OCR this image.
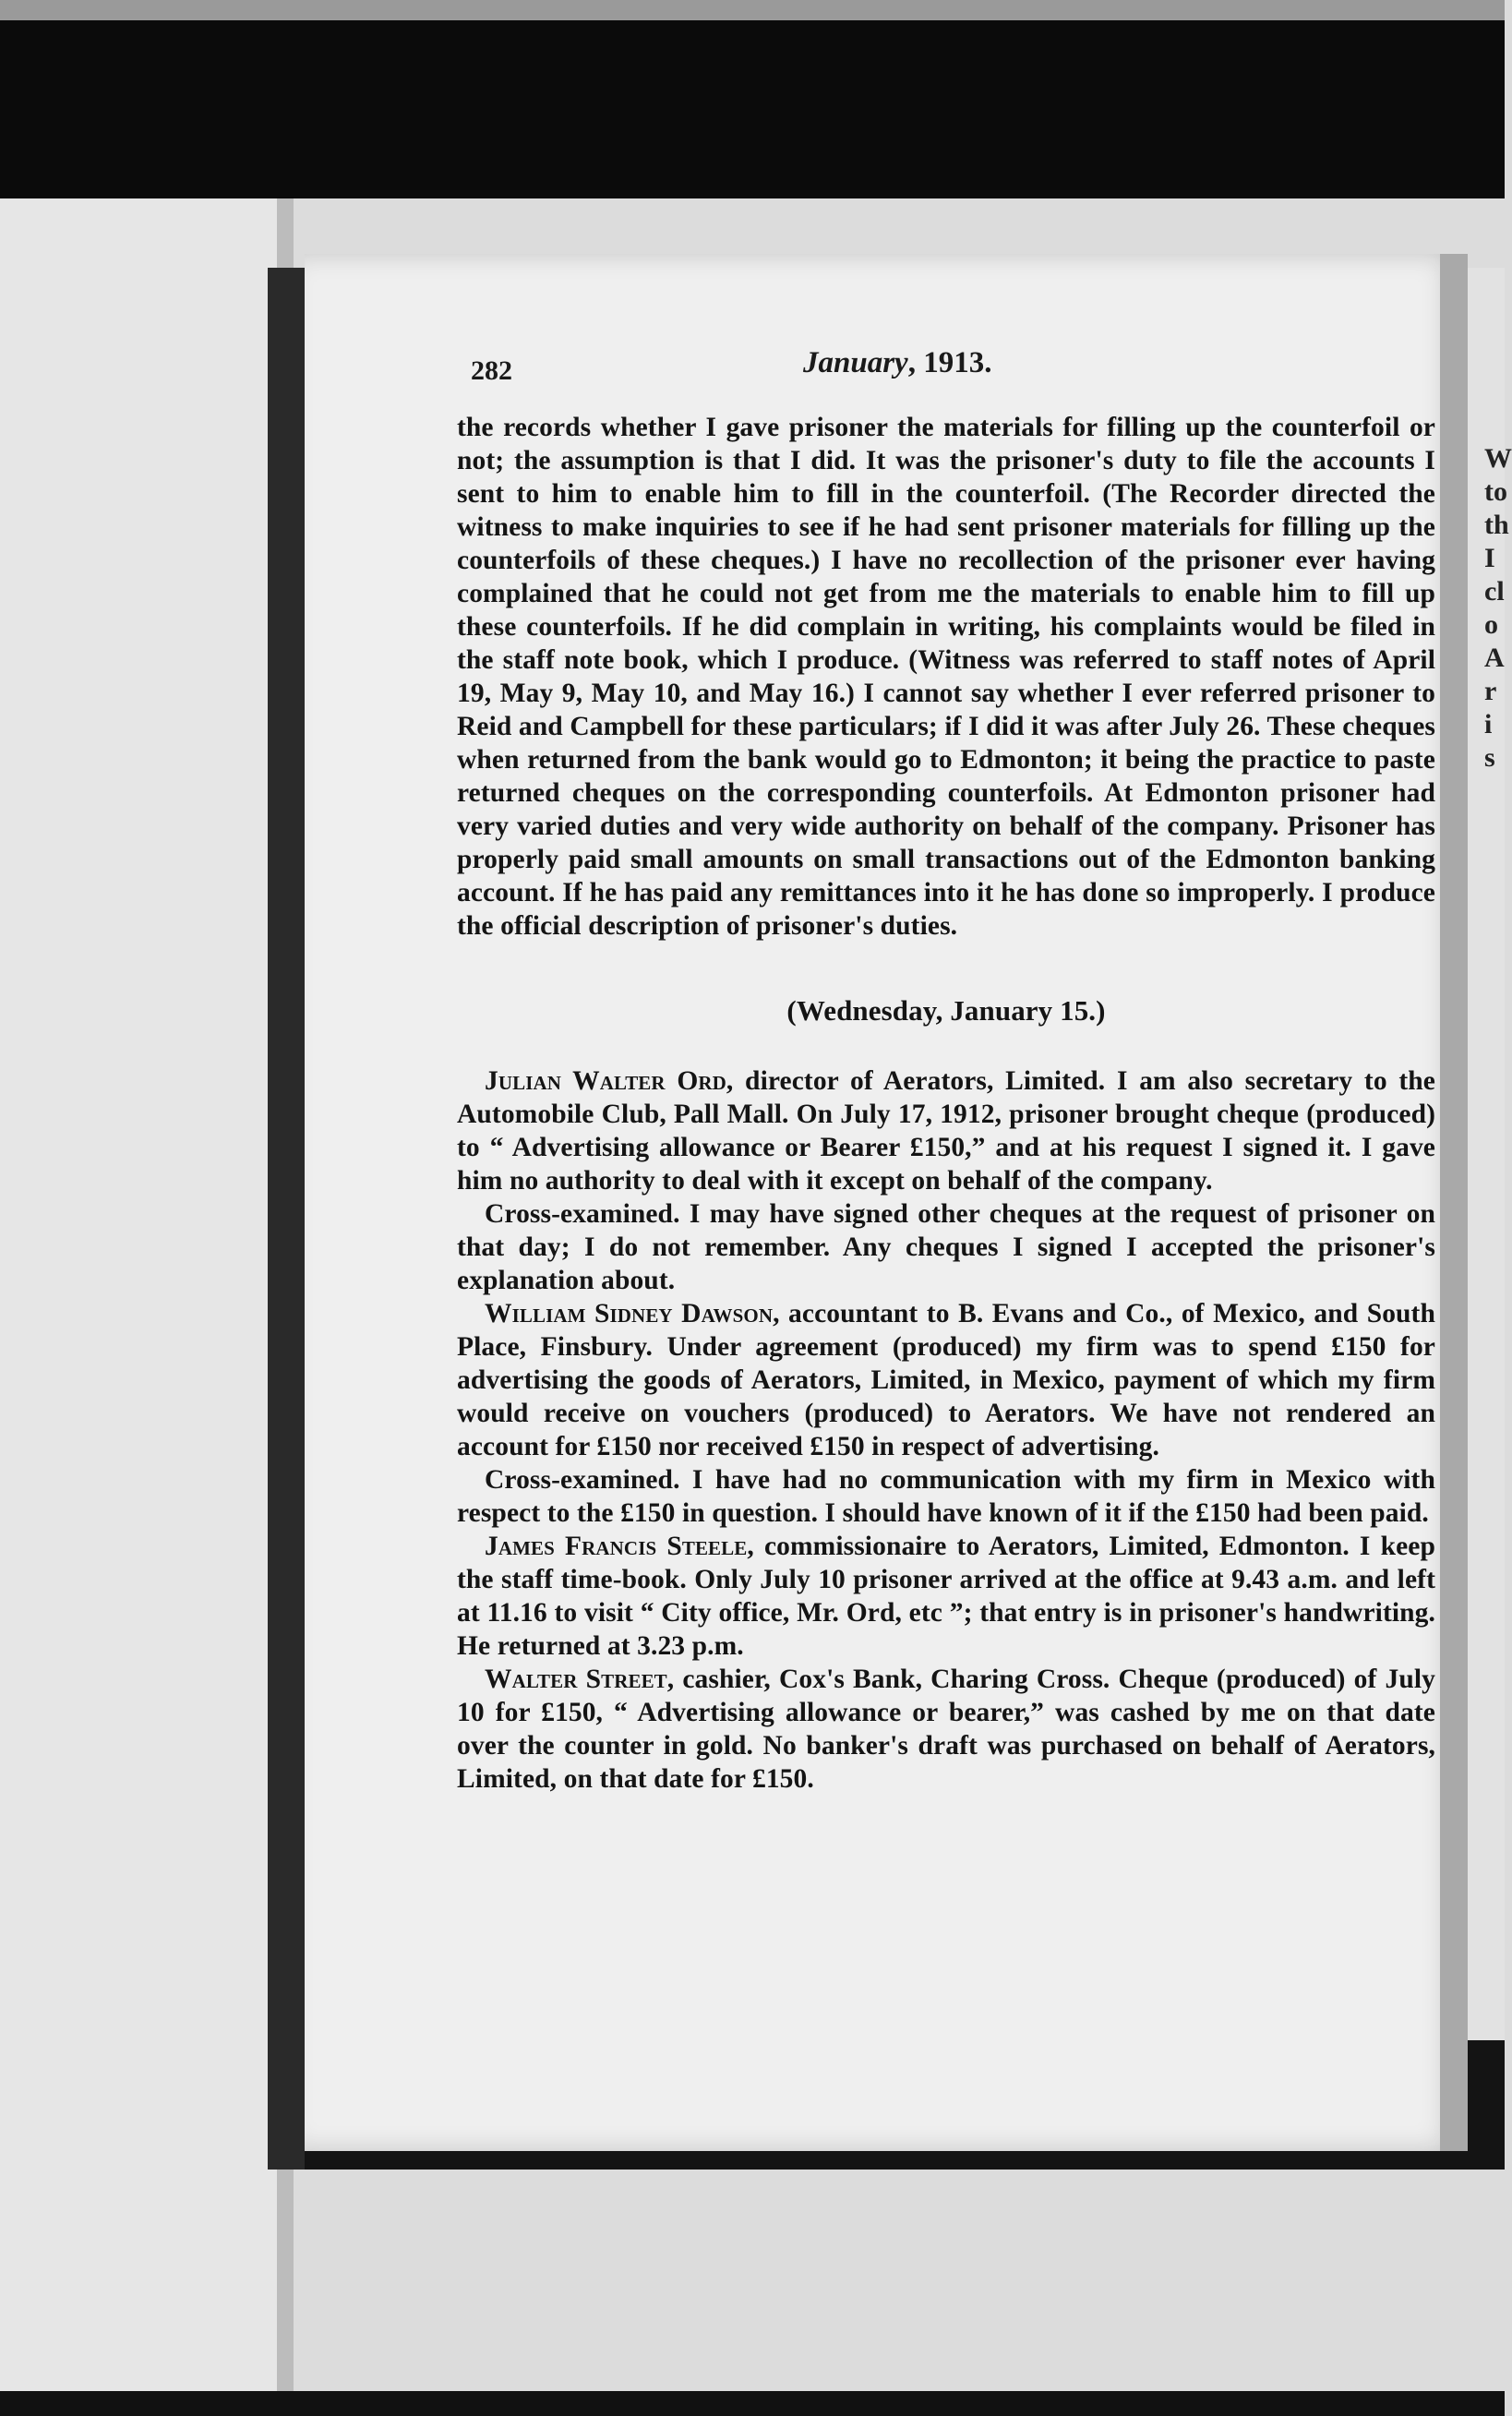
282	January, 1913.

the records whether I gave prisoner the materials for filling up the counterfoil or not; the assumption is that I did. It was the prisoner's duty to file the accounts I sent to him to enable him to fill in the counterfoil. (The Recorder directed the witness to make inquiries to see if he had sent prisoner materials for filling up the counterfoils of these cheques.) I have no recollection of the prisoner ever having complained that he could not get from me the materials to enable him to fill up these counterfoils. If he did complain in writing, his complaints would be filed in the staff note book, which I produce. (Witness was referred to staff notes of April 19, May 9, May 10, and May 16.) I cannot say whether I ever referred prisoner to Reid and Campbell for these particulars; if I did it was after July 26. These cheques when returned from the bank would go to Edmonton; it being the practice to paste returned cheques on the corresponding counterfoils. At Edmonton prisoner had very varied duties and very wide authority on behalf of the company. Prisoner has properly paid small amounts on small transactions out of the Edmonton banking account. If he has paid any remittances into it he has done so improperly. I produce the official description of prisoner's duties.

(Wednesday, January 15.)

Julian Walter Ord, director of Aerators, Limited. I am also secretary to the Automobile Club, Pall Mall. On July 17, 1912, prisoner brought cheque (produced) to “ Advertising allowance or Bearer £150,” and at his request I signed it. I gave him no authority to deal with it except on behalf of the company.

Cross-examined. I may have signed other cheques at the request of prisoner on that day; I do not remember. Any cheques I signed I accepted the prisoner's explanation about.

William Sidney Dawson, accountant to B. Evans and Co., of Mexico, and South Place, Finsbury. Under agreement (produced) my firm was to spend £150 for advertising the goods of Aerators, Limited, in Mexico, payment of which my firm would receive on vouchers (produced) to Aerators. We have not rendered an account for £150 nor received £150 in respect of advertising.

Cross-examined. I have had no communication with my firm in Mexico with respect to the £150 in question. I should have known of it if the £150 had been paid.

James Francis Steele, commissionaire to Aerators, Limited, Edmonton. I keep the staff time-book. Only July 10 prisoner arrived at the office at 9.43 a.m. and left at 11.16 to visit “ City office, Mr. Ord, etc ”; that entry is in prisoner's handwriting. He returned at 3.23 p.m.

Walter Street, cashier, Cox's Bank, Charing Cross. Cheque (produced) of July 10 for £150, “ Advertising allowance or bearer,” was cashed by me on that date over the counter in gold. No banker's draft was purchased on behalf of Aerators, Limited, on that date for £150.

W
to
th
I
cl
o
A
r
i
s
